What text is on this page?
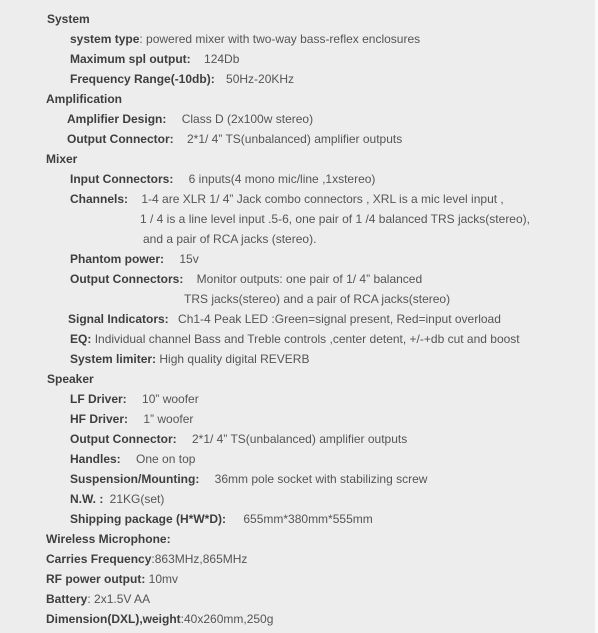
System
system type: powered mixer with two-way bass-reflex enclosures
Maximum spl output: 124Db
Frequency Range(-10db): 50Hz-20KHz
Amplification
Amplifier Design: Class D (2x100w stereo)
Output Connector: 2*1/ 4” TS(unbalanced) amplifier outputs
Mixer
Input Connectors: 6 inputs(4 mono mic/line ,1xstereo)
Channels: 1-4 are XLR 1/ 4” Jack combo connectors , XRL is a mic level input ,
1 / 4 is a line level input .5-6, one pair of 1 /4 balanced TRS jacks(stereo),
and a pair of RCA jacks (stereo).
Phantom power: 15v
Output Connectors: Monitor outputs: one pair of 1/ 4” balanced
TRS jacks(stereo) and a pair of RCA jacks(stereo)
Signal Indicators: Ch1-4 Peak LED :Green=signal present, Red=input overload
EQ: Individual channel Bass and Treble controls ,center detent, +/-+db cut and boost
System limiter: High quality digital REVERB
Speaker
LF Driver: 10” woofer
HF Driver: 1” woofer
Output Connector: 2*1/ 4” TS(unbalanced) amplifier outputs
Handles: One on top
Suspension/Mounting: 36mm pole socket with stabilizing screw
N.W. : 21KG(set)
Shipping package (H*W*D): 655mm*380mm*555mm
Wireless Microphone:
Carries Frequency:863MHz,865MHz
RF power output: 10mv
Battery: 2x1.5V AA
Dimension(DXL),weight:40x260mm,250g
